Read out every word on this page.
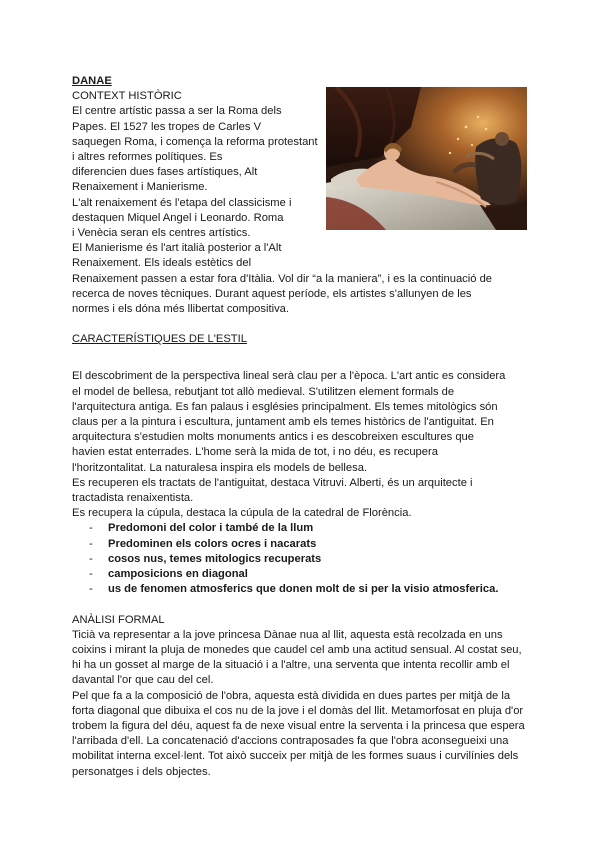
DANAE

CONTEXT HISTÒRIC

El centre artístic passa a ser la Roma dels

Papes. El 1527 les tropes de Carles V

saquegen Roma, i comença la reforma protestant

i altres reformes polítiques. Es

diferencien dues fases artístiques, Alt

Renaixement i Manierisme.

L'alt renaixement és l'etapa del classicisme i

destaquen Miquel Angel i Leonardo. Roma

i Venècia seran els centres artístics.

El Manierisme és l'art italià posterior a l'Alt

Renaixement. Els ideals estètics del

Renaixement passen a estar fora d'Itàlia. Vol dir “a la maniera”, i es la continuació de

recerca de noves tècniques. Durant aquest període, els artistes s'allunyen de les

normes i els dóna més llibertat compositiva.

CARACTERÍSTIQUES DE L'ESTIL

El descobriment de la perspectiva lineal serà clau per a l'època. L'art antic es considera

el model de bellesa, rebutjant tot allò medieval. S'utilitzen element formals de

l'arquitectura antiga. Es fan palaus i esglésies principalment. Els temes mitològics són

claus per a la pintura i escultura, juntament amb els temes històrics de l'antiguitat. En

arquitectura s'estudien molts monuments antics i es descobreixen escultures que

havien estat enterrades. L'home serà la mida de tot, i no déu, es recupera

l'horitzontalitat. La naturalesa inspira els models de bellesa.

Es recuperen els tractats de l'antiguitat, destaca Vitruvi. Alberti, és un arquitecte i

tractadista renaixentista.

Es recupera la cúpula, destaca la cúpula de la catedral de Florència.

- Predomoni del color i també de la llum
- Predominen els colors ocres i nacarats
- cosos nus, temes mitologics recuperats
- camposicions en diagonal
- us de fenomen atmosferics que donen molt de si per la visio atmosferica.

ANÀLISI FORMAL

Ticià va representar a la jove princesa Dànae nua al llit, aquesta està recolzada en uns

coixins i mirant la pluja de monedes que caudel cel amb una actitud sensual. Al costat seu,

hi ha un gosset al marge de la situació i a l'altre, una serventa que intenta recollir amb el

davantal l'or que cau del cel.

Pel que fa a la composició de l'obra, aquesta està dividida en dues partes per mitjà de la

forta diagonal que dibuixa el cos nu de la jove i el domàs del llit. Metamorfosat en pluja d'or

trobem la figura del déu, aquest fa de nexe visual entre la serventa i la princesa que espera

l'arribada d'ell. La concatenació d'accions contraposades fa que l'obra aconsegueixi una

mobilitat interna excel·lent. Tot això succeix per mitjà de les formes suaus i curvilínies dels

personatges i dels objectes.
